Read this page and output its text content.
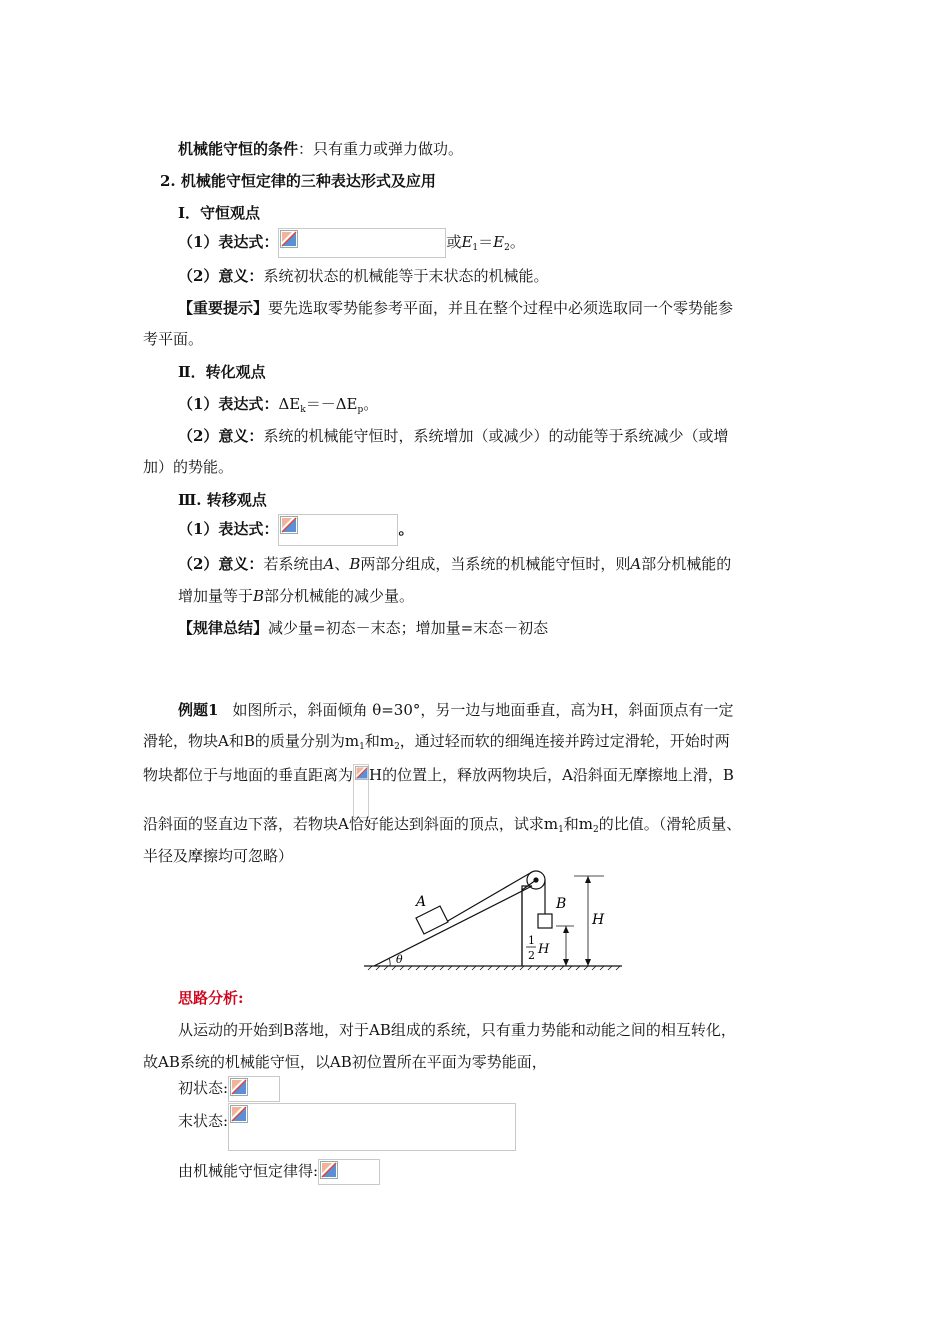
机械能守恒的条件：只有重力或弹力做功。
2. 机械能守恒定律的三种表达形式及应用
Ⅰ．守恒观点
（1）表达式：	或$E_1=E_2$。
（2）意义：系统初状态的机械能等于末状态的机械能。
【重要提示】要先选取零势能参考平面，并且在整个过程中必须选取同一个零势能参
考平面。
Ⅱ．转化观点
（1）表达式：$\Delta E_k=-\Delta E_p$。
（2）意义：系统的机械能守恒时，系统增加（或减少）的动能等于系统减少（或增
加）的势能。
Ⅲ. 转移观点
（1）表达式：	。
（2）意义：若系统由A、B两部分组成，当系统的机械能守恒时，则A部分机械能的
增加量等于B部分机械能的减少量。
【规律总结】减少量=初态－末态；增加量=末态－初态
例题1 如图所示，斜面倾角 θ=30°，另一边与地面垂直，高为H，斜面顶点有一定
滑轮，物块A和B的质量分别为$m_1$和$m_2$，通过轻而软的细绳连接并跨过定滑轮，开始时两
物块都位于与地面的垂直距离为 H的位置上，释放两物块后，A沿斜面无摩擦地上滑，B
沿斜面的竖直边下落，若物块A恰好能达到斜面的顶点，试求$m_1$和$m_2$的比值。（滑轮质量、
半径及摩擦均可忽略）
A	B
H
θ
1
2 H
思路分析:
从运动的开始到B落地，对于AB组成的系统，只有重力势能和动能之间的相互转化，
故AB系统的机械能守恒，以AB初位置所在平面为零势能面，
初状态:
末状态:
由机械能守恒定律得:
